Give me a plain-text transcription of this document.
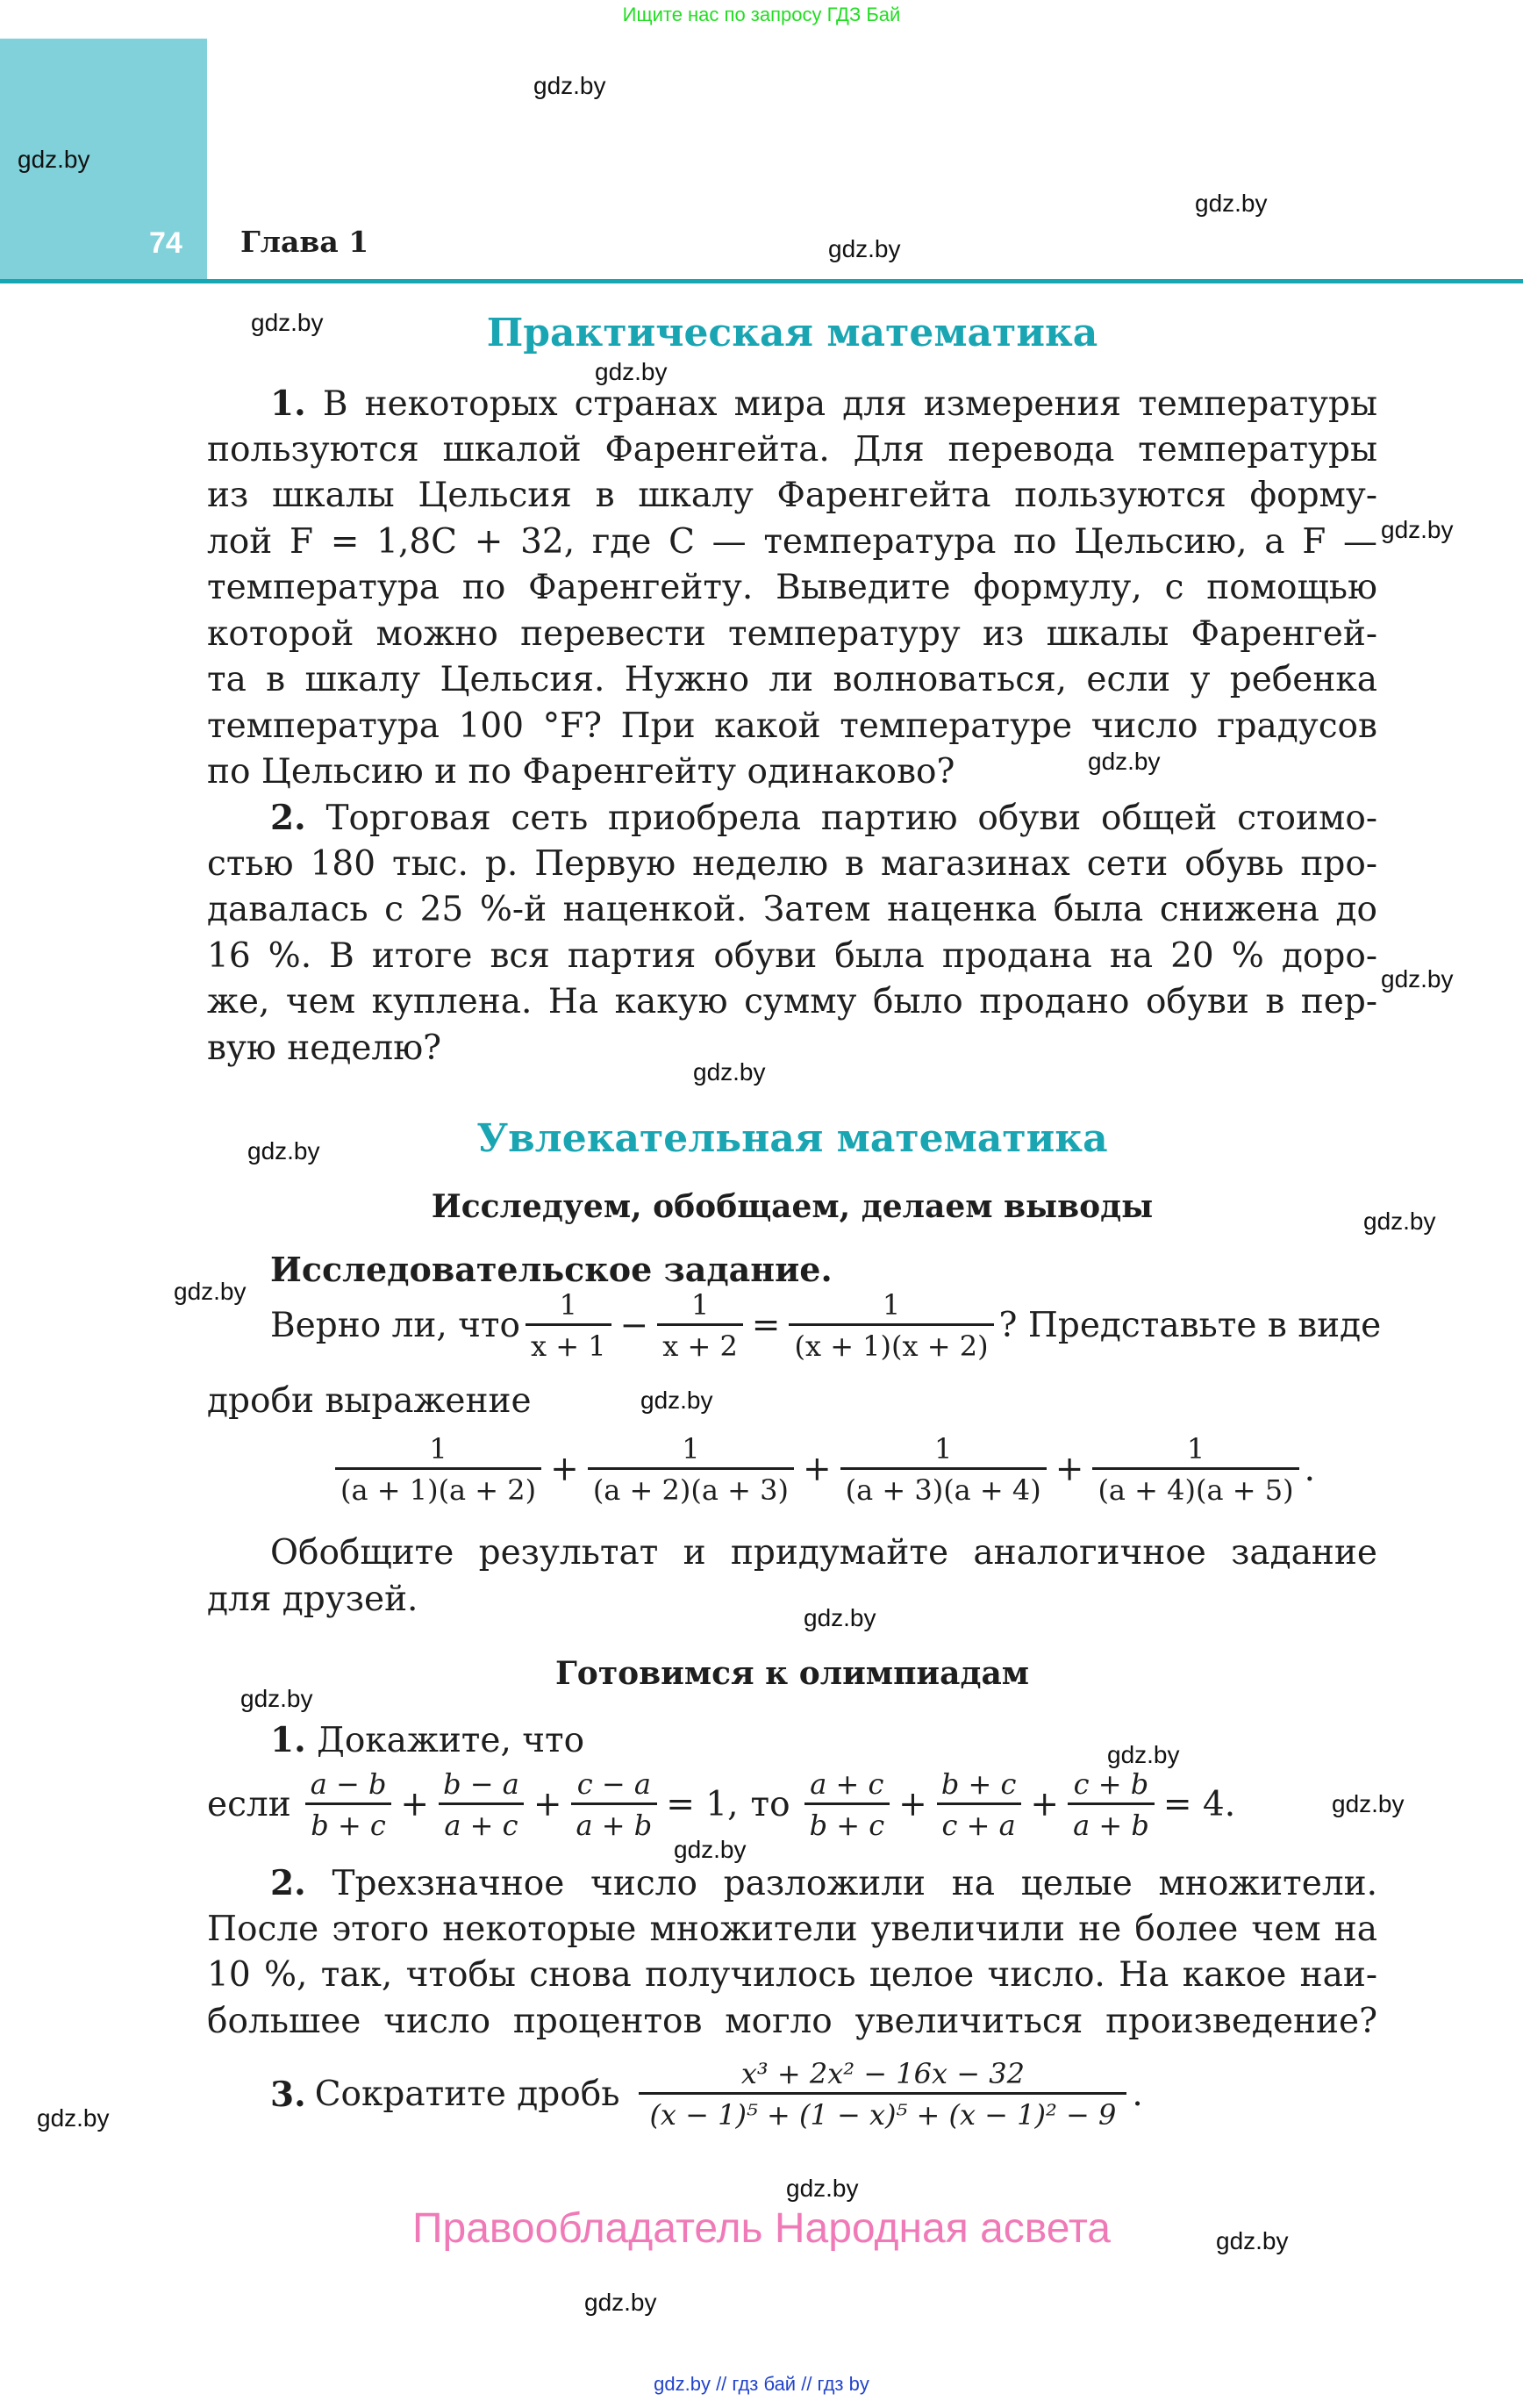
Ищите нас по запросу ГДЗ Бай
74 Глава 1
gdz.by
gdz.by
gdz.by
gdz.by
gdz.by
gdz.by
gdz.by
gdz.by
gdz.by
gdz.by
gdz.by
gdz.by
gdz.by
gdz.by
gdz.by
gdz.by
gdz.by
gdz.by
gdz.by
gdz.by
gdz.by
gdz.by
gdz.by
Практическая математика
1. В некоторых странах мира для измерения температуры
пользуются шкалой Фаренгейта. Для перевода температуры
из шкалы Цельсия в шкалу Фаренгейта пользуются форму-
лой F = 1,8C + 32, где C — температура по Цельсию, а F —
температура по Фаренгейту. Выведите формулу, с помощью
которой можно перевести температуру из шкалы Фаренгей-
та в шкалу Цельсия. Нужно ли волноваться, если у ребенка
температура 100 °F? При какой температуре число градусов
по Цельсию и по Фаренгейту одинаково?
2. Торговая сеть приобрела партию обуви общей стоимо-
стью 180 тыс. р. Первую неделю в магазинах сети обувь про-
давалась с 25 %-й наценкой. Затем наценка была снижена до
16 %. В итоге вся партия обуви была продана на 20 % доро-
же, чем куплена. На какую сумму было продано обуви в пер-
вую неделю?
Увлекательная математика
Исследуем, обобщаем, делаем выводы
Исследовательское задание.
Верно ли, что $\frac{1}{x + 1} - \frac{1}{x + 2} = \frac{1}{(x + 1)(x + 2)}$ ? Представьте в виде
дроби выражение
$\frac{1}{(a + 1)(a + 2)} + \frac{1}{(a + 2)(a + 3)} + \frac{1}{(a + 3)(a + 4)} + \frac{1}{(a + 4)(a + 5)}$ .
Обобщите результат и придумайте аналогичное задание
для друзей.
Готовимся к олимпиадам
1. Докажите, что
если $\frac{a - b}{b + c} + \frac{b - a}{a + c} + \frac{c - a}{a + b} = 1$, то $\frac{a + c}{b + c} + \frac{b + c}{c + a} + \frac{c + b}{a + b} = 4$.
2. Трехзначное число разложили на целые множители.
После этого некоторые множители увеличили не более чем на
10 %, так, чтобы снова получилось целое число. На какое наи-
большее число процентов могло увеличиться произведение?
3. Сократите дробь $\frac{\text{x³ + 2x² − 16x − 32}}{\text{(x − 1)⁵ + (1 − x)⁵ + (x − 1)² − 9}}$ .
Правообладатель Народная асвета
gdz.by // гдз бай // гдз by
